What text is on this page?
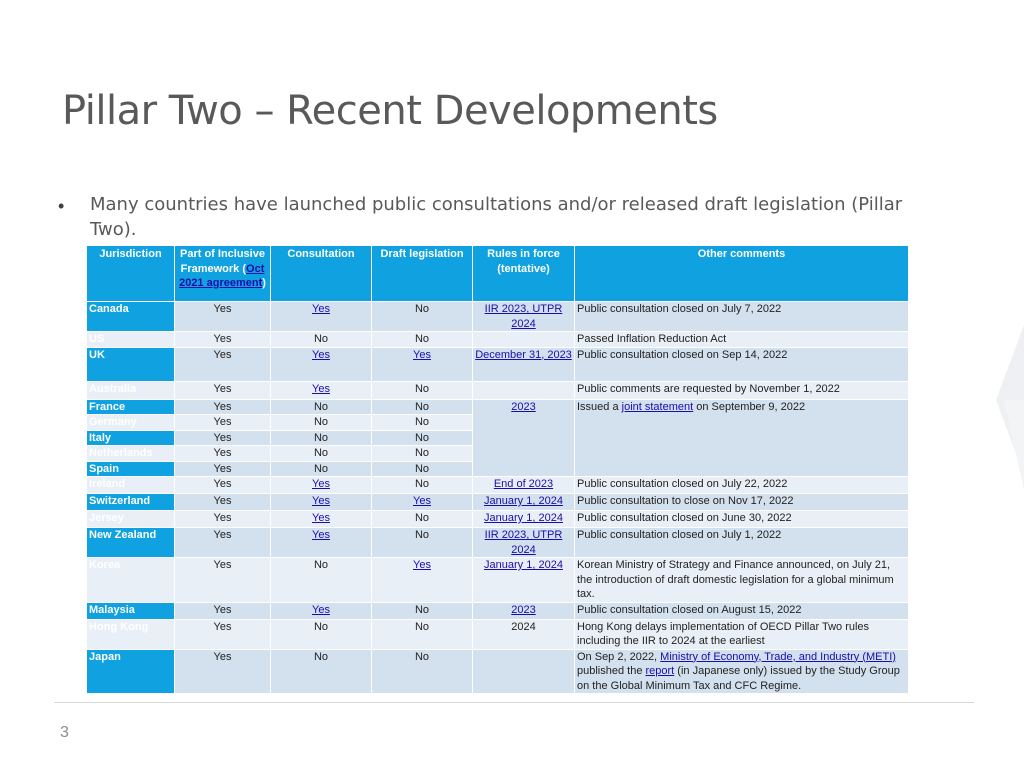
Pillar Two – Recent Developments
• Many countries have launched public consultations and/or released draft legislation (Pillar Two).

Jurisdiction	Part of Inclusive Framework (Oct 2021 agreement)	Consultation	Draft legislation	Rules in force (tentative)	Other comments
Canada	Yes	Yes	No	IIR 2023, UTPR 2024	Public consultation closed on July 7, 2022
US	Yes	No	No		Passed Inflation Reduction Act
UK	Yes	Yes	Yes	December 31, 2023	Public consultation closed on Sep 14, 2022
Australia	Yes	Yes	No		Public comments are requested by November 1, 2022
France	Yes	No	No	2023	Issued a joint statement on September 9, 2022
Germany	Yes	No	No		
Italy	Yes	No	No		
Netherlands	Yes	No	No		
Spain	Yes	No	No		
Ireland	Yes	Yes	No	End of 2023	Public consultation closed on July 22, 2022
Switzerland	Yes	Yes	Yes	January 1, 2024	Public consultation to close on Nov 17, 2022
Jersey	Yes	Yes	No	January 1, 2024	Public consultation closed on June 30, 2022
New Zealand	Yes	Yes	No	IIR 2023, UTPR 2024	Public consultation closed on July 1, 2022
Korea	Yes	No	Yes	January 1, 2024	Korean Ministry of Strategy and Finance announced, on July 21, the introduction of draft domestic legislation for a global minimum tax.
Malaysia	Yes	Yes	No	2023	Public consultation closed on August 15, 2022
Hong Kong	Yes	No	No	2024	Hong Kong delays implementation of OECD Pillar Two rules including the IIR to 2024 at the earliest
Japan	Yes	No	No		On Sep 2, 2022, Ministry of Economy, Trade, and Industry (METI) published the report (in Japanese only) issued by the Study Group on the Global Minimum Tax and CFC Regime.
3
